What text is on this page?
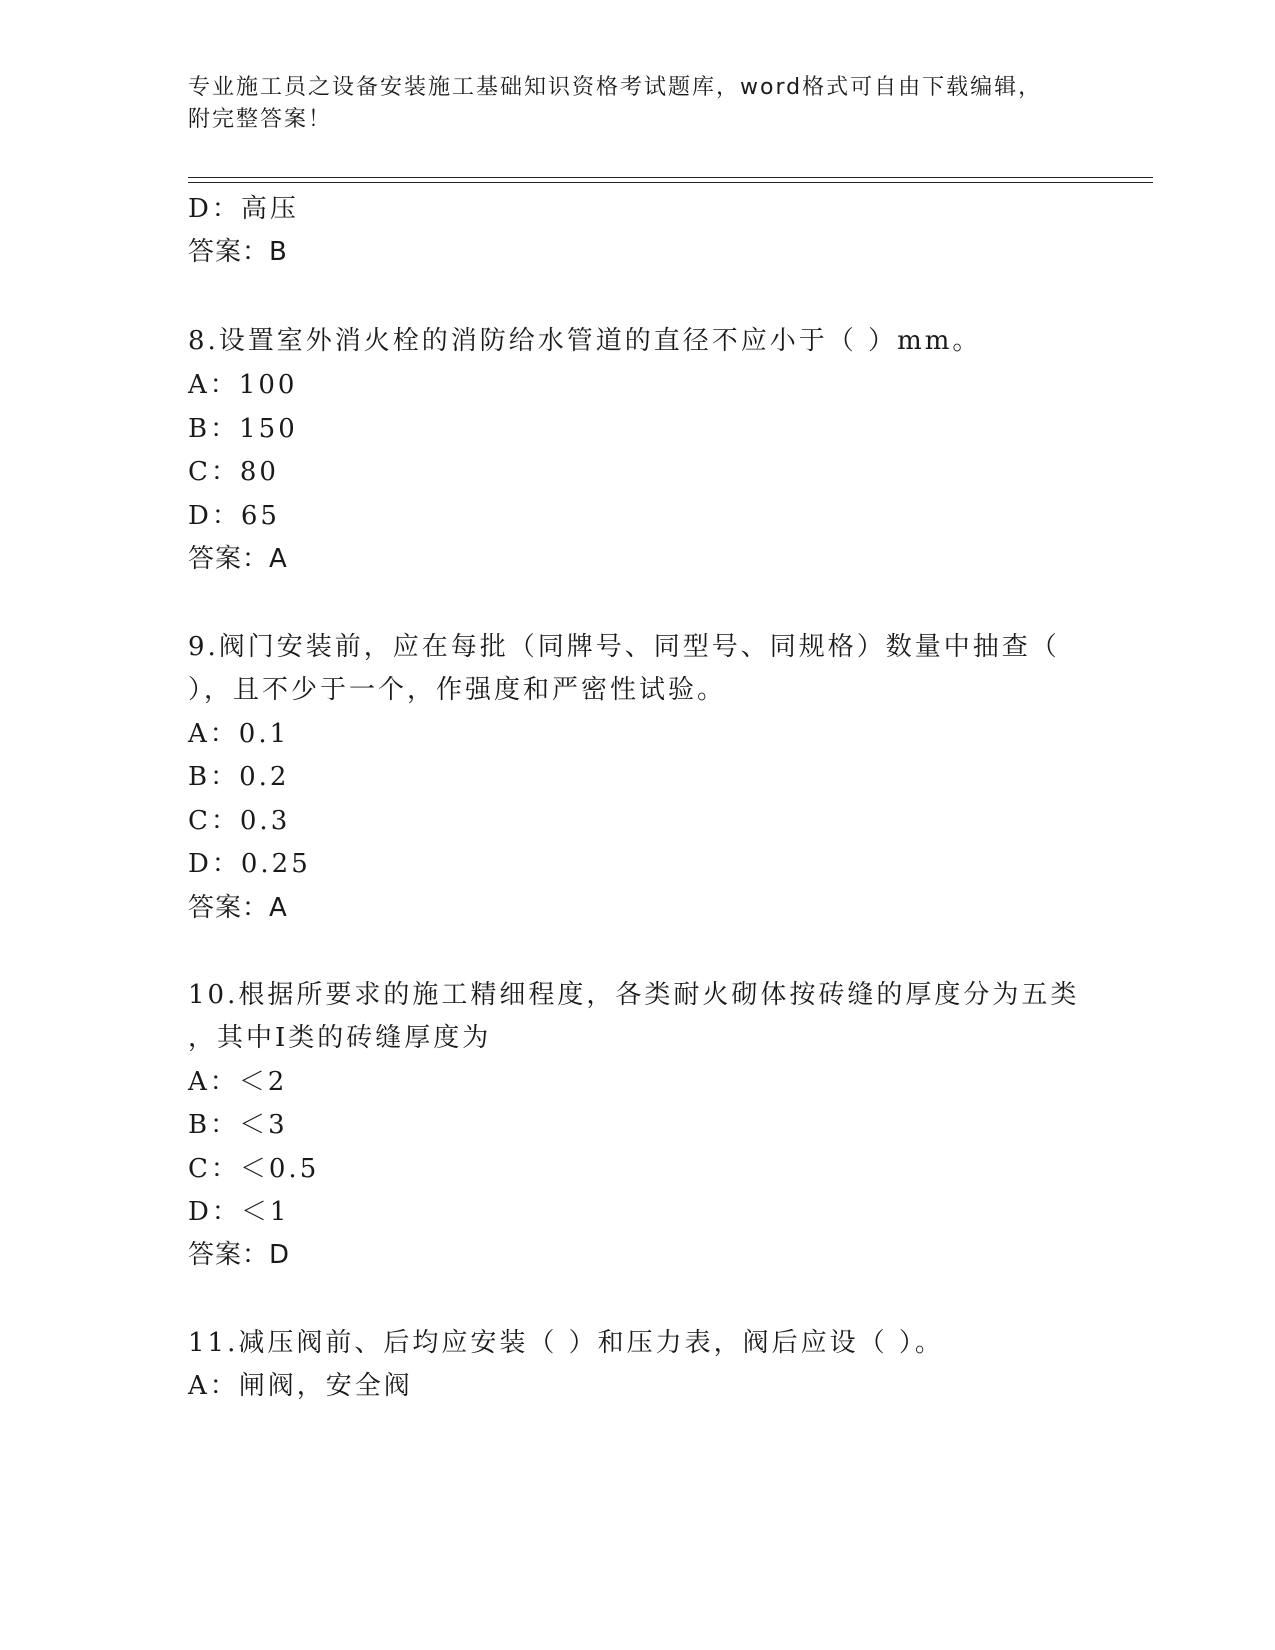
专业施工员之设备安装施工基础知识资格考试题库，word格式可自由下载编辑，
附完整答案！
D：高压
答案：B
8.设置室外消火栓的消防给水管道的直径不应小于（ ）mm。
A：100
B：150
C：80
D：65
答案：A
9.阀门安装前，应在每批（同牌号、同型号、同规格）数量中抽查（
），且不少于一个，作强度和严密性试验。
A：0.1
B：0.2
C：0.3
D：0.25
答案：A
10.根据所要求的施工精细程度，各类耐火砌体按砖缝的厚度分为五类
，其中Ⅰ类的砖缝厚度为
A：＜2
B：＜3
C：＜0.5
D：＜1
答案：D
11.减压阀前、后均应安装（ ）和压力表，阀后应设（ ）。
A：闸阀，安全阀
